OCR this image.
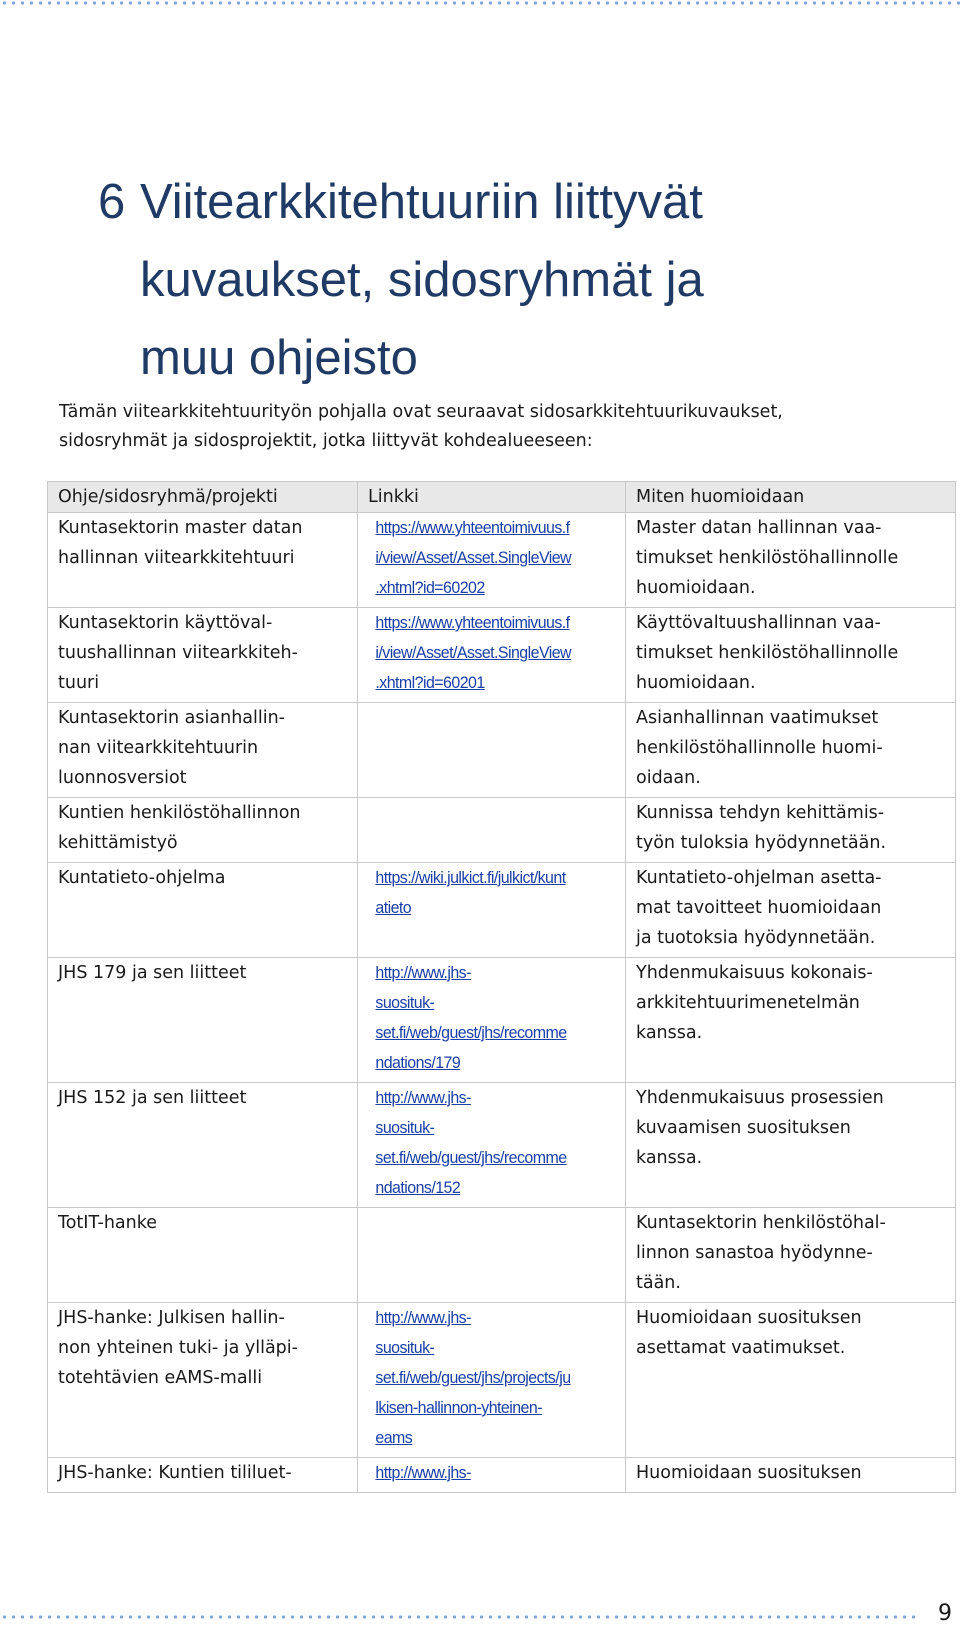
6 Viitearkkitehtuuriin liittyvät
kuvaukset, sidosryhmät ja
muu ohjeisto

Tämän viitearkkitehtuurityön pohjalla ovat seuraavat sidosarkkitehtuurikuvaukset,
sidosryhmät ja sidosprojektit, jotka liittyvät kohdealueeseen:

Ohje/sidosryhmä/projekti	Linkki	Miten huomioidaan

Kuntasektorin master datan
hallinnan viitearkkitehtuuri	https://www.yhteentoimivuus.f
i/view/Asset/Asset.SingleView
.xhtml?id=60202	Master datan hallinnan vaa-
timukset henkilöstöhallinnolle
huomioidaan.

Kuntasektorin käyttöval-
tuushallinnan viitearkkiteh-
tuuri	https://www.yhteentoimivuus.f
i/view/Asset/Asset.SingleView
.xhtml?id=60201	Käyttövaltuushallinnan vaa-
timukset henkilöstöhallinnolle
huomioidaan.

Kuntasektorin asianhallin-
nan viitearkkitehtuurin
luonnosversiot		Asianhallinnan vaatimukset
henkilöstöhallinnolle huomi-
oidaan.

Kuntien henkilöstöhallinnon
kehittämistyö		Kunnissa tehdyn kehittämis-
työn tuloksia hyödynnetään.

Kuntatieto-ohjelma	https://wiki.julkict.fi/julkict/kunt
atieto	Kuntatieto-ohjelman asetta-
mat tavoitteet huomioidaan
ja tuotoksia hyödynnetään.

JHS 179 ja sen liitteet	http://www.jhs-
suosituk-
set.fi/web/guest/jhs/recomme
ndations/179	Yhdenmukaisuus kokonais-
arkkitehtuurimenetelmän
kanssa.

JHS 152 ja sen liitteet	http://www.jhs-
suosituk-
set.fi/web/guest/jhs/recomme
ndations/152	Yhdenmukaisuus prosessien
kuvaamisen suosituksen
kanssa.

TotIT-hanke		Kuntasektorin henkilöstöhal-
linnon sanastoa hyödynne-
tään.

JHS-hanke: Julkisen hallin-
non yhteinen tuki- ja ylläpi-
totehtävien eAMS-malli	http://www.jhs-
suosituk-
set.fi/web/guest/jhs/projects/ju
lkisen-hallinnon-yhteinen-
eams	Huomioidaan suosituksen
asettamat vaatimukset.

JHS-hanke: Kuntien tililuet-	http://www.jhs-	Huomioidaan suosituksen
9
